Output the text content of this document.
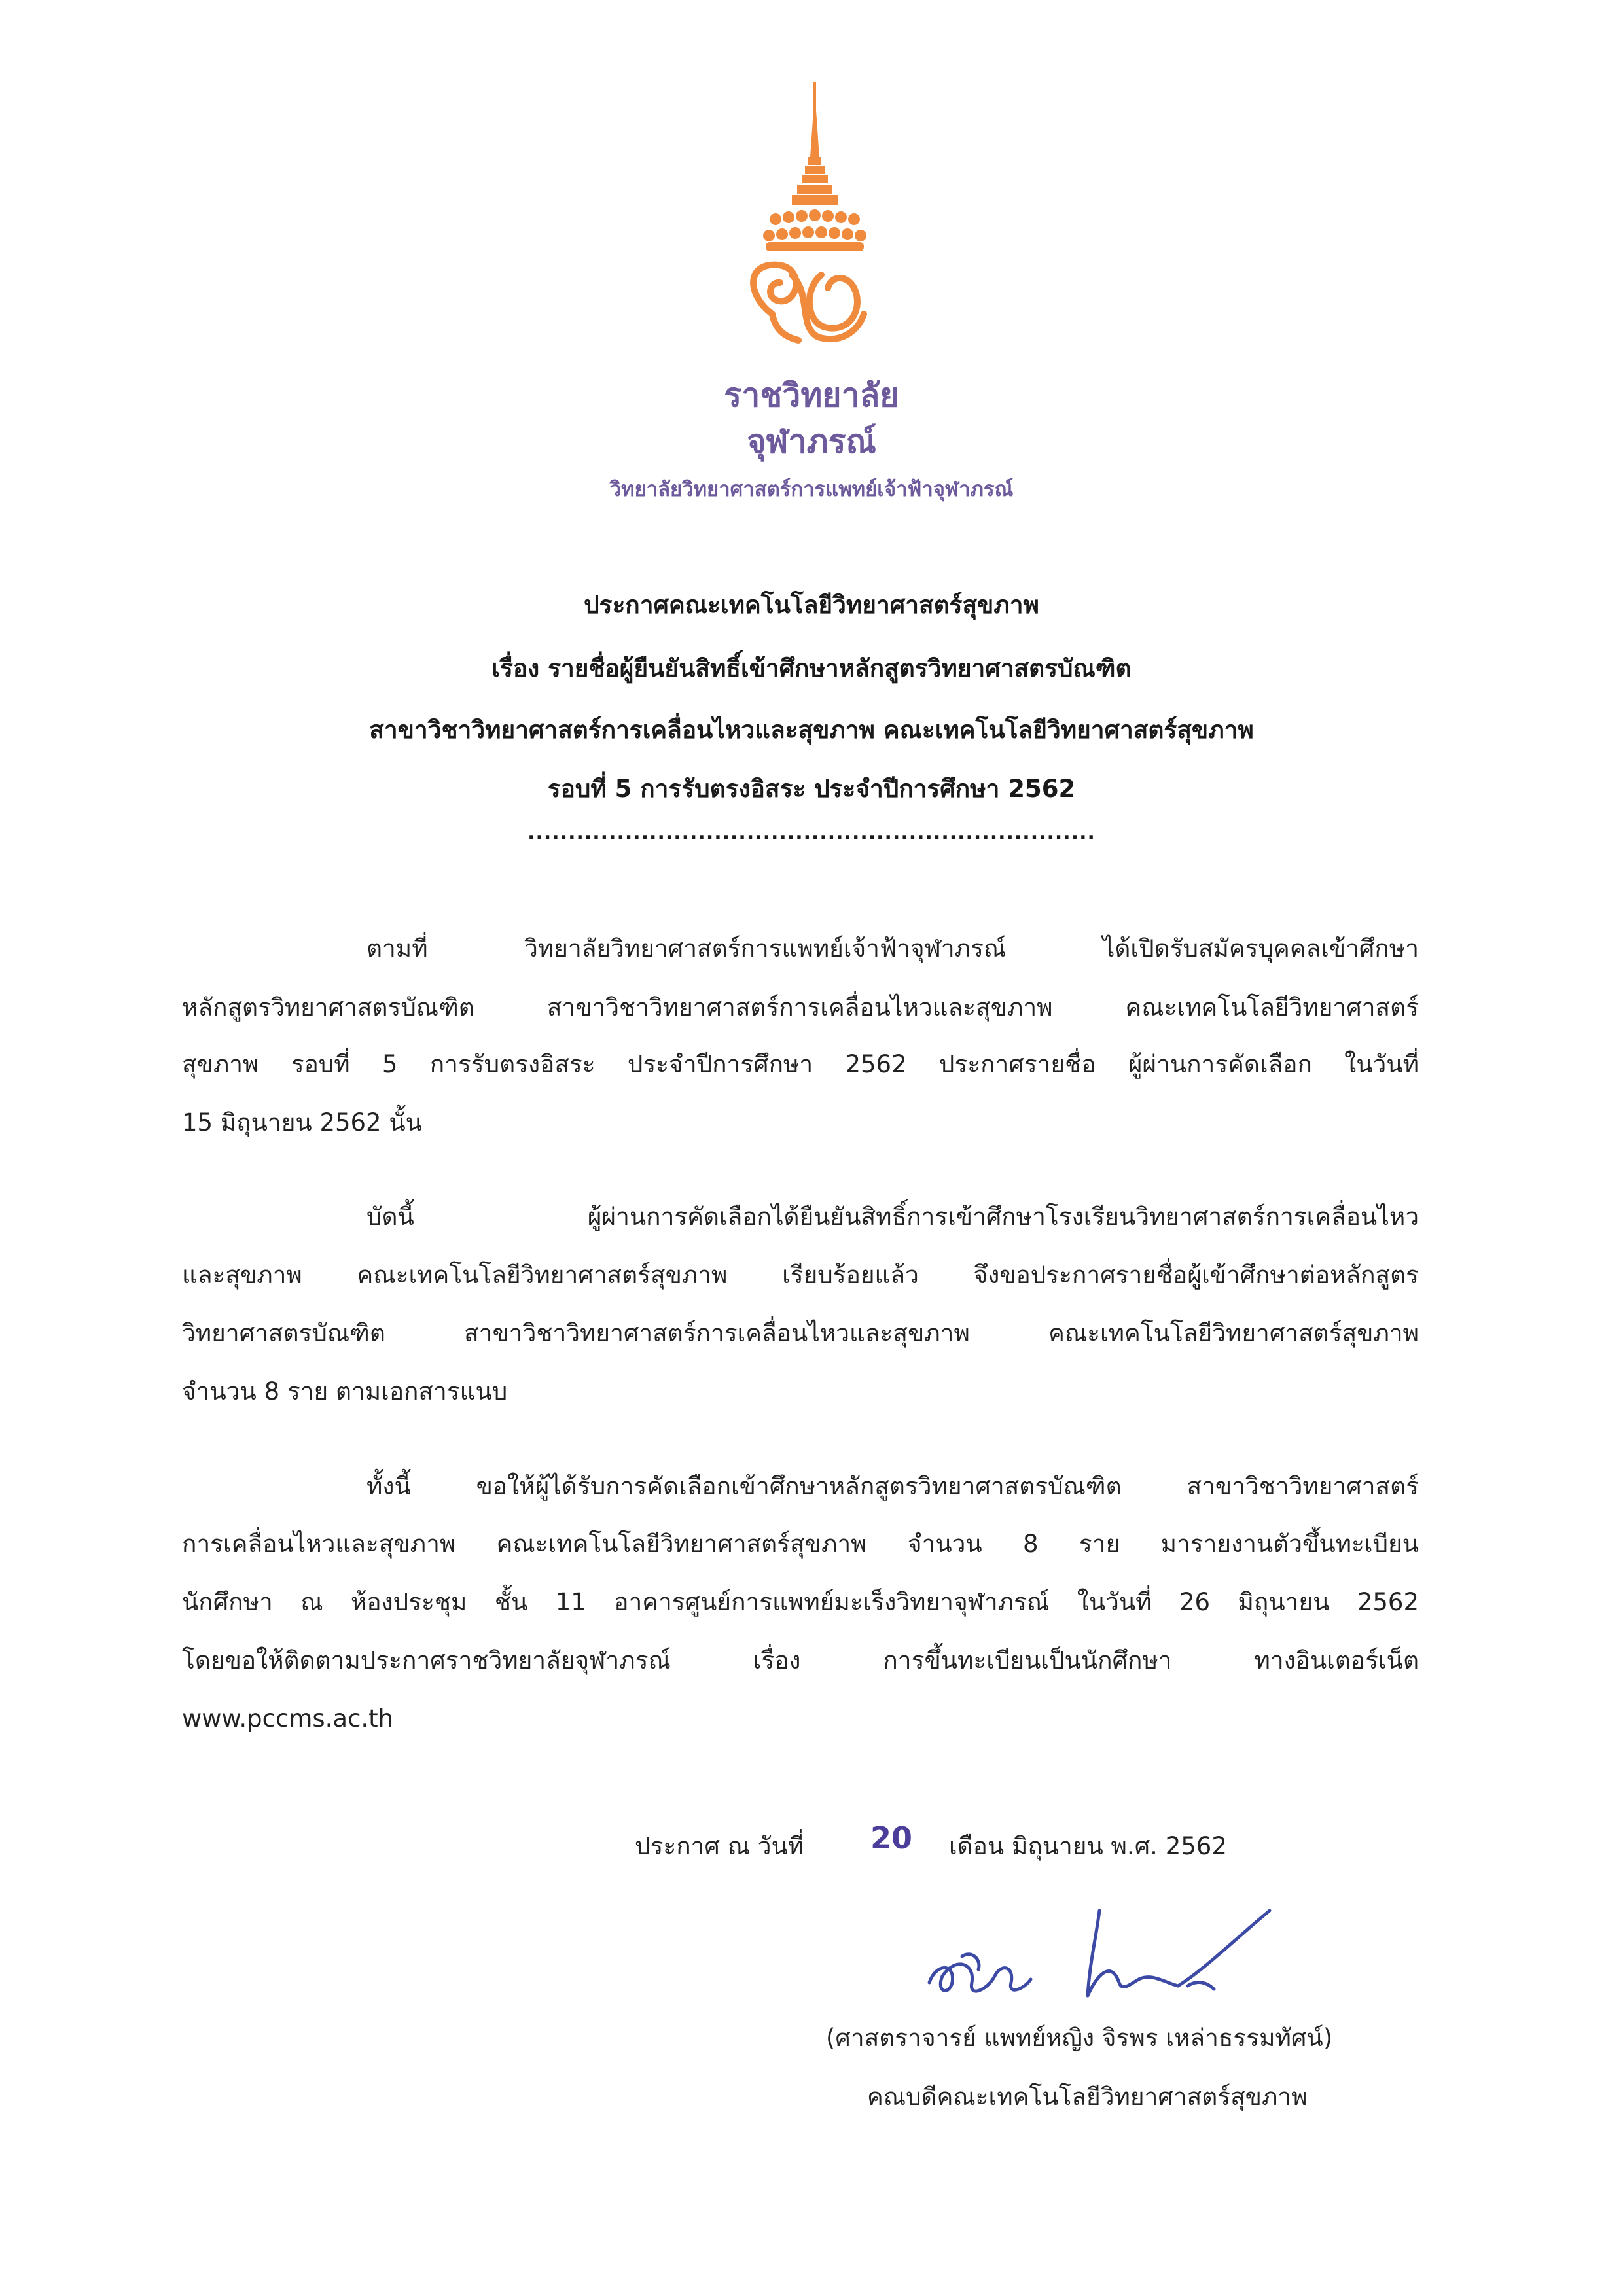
ราชวิทยาลัย
จุฬาภรณ์
วิทยาลัยวิทยาศาสตร์การแพทย์เจ้าฟ้าจุฬาภรณ์
ประกาศคณะเทคโนโลยีวิทยาศาสตร์สุขภาพ
เรื่อง รายชื่อผู้ยืนยันสิทธิ์เข้าศึกษาหลักสูตรวิทยาศาสตรบัณฑิต
สาขาวิชาวิทยาศาสตร์การเคลื่อนไหวและสุขภาพ คณะเทคโนโลยีวิทยาศาสตร์สุขภาพ
รอบที่ 5 การรับตรงอิสระ ประจำปีการศึกษา 2562
......................................................................
ตามที่ วิทยาลัยวิทยาศาสตร์การแพทย์เจ้าฟ้าจุฬาภรณ์ ได้เปิดรับสมัครบุคคลเข้าศึกษา
หลักสูตรวิทยาศาสตรบัณฑิต สาขาวิชาวิทยาศาสตร์การเคลื่อนไหวและสุขภาพ คณะเทคโนโลยีวิทยาศาสตร์
สุขภาพ รอบที่ 5 การรับตรงอิสระ ประจำปีการศึกษา 2562 ประกาศรายชื่อ ผู้ผ่านการคัดเลือก ในวันที่
15 มิถุนายน 2562 นั้น
บัดนี้ ผู้ผ่านการคัดเลือกได้ยืนยันสิทธิ์การเข้าศึกษาโรงเรียนวิทยาศาสตร์การเคลื่อนไหว
และสุขภาพ คณะเทคโนโลยีวิทยาศาสตร์สุขภาพ เรียบร้อยแล้ว จึงขอประกาศรายชื่อผู้เข้าศึกษาต่อหลักสูตร
วิทยาศาสตรบัณฑิต สาขาวิชาวิทยาศาสตร์การเคลื่อนไหวและสุขภาพ คณะเทคโนโลยีวิทยาศาสตร์สุขภาพ
จำนวน 8 ราย ตามเอกสารแนบ
ทั้งนี้ ขอให้ผู้ได้รับการคัดเลือกเข้าศึกษาหลักสูตรวิทยาศาสตรบัณฑิต สาขาวิชาวิทยาศาสตร์
การเคลื่อนไหวและสุขภาพ คณะเทคโนโลยีวิทยาศาสตร์สุขภาพ จำนวน 8 ราย มารายงานตัวขึ้นทะเบียน
นักศึกษา ณ ห้องประชุม ชั้น 11 อาคารศูนย์การแพทย์มะเร็งวิทยาจุฬาภรณ์ ในวันที่ 26 มิถุนายน 2562
โดยขอให้ติดตามประกาศราชวิทยาลัยจุฬาภรณ์ เรื่อง การขึ้นทะเบียนเป็นนักศึกษา ทางอินเตอร์เน็ต
www.pccms.ac.th
ประกาศ ณ วันที่ 20 เดือน มิถุนายน พ.ศ. 2562
(ศาสตราจารย์ แพทย์หญิง จิรพร เหล่าธรรมทัศน์)
คณบดีคณะเทคโนโลยีวิทยาศาสตร์สุขภาพ
